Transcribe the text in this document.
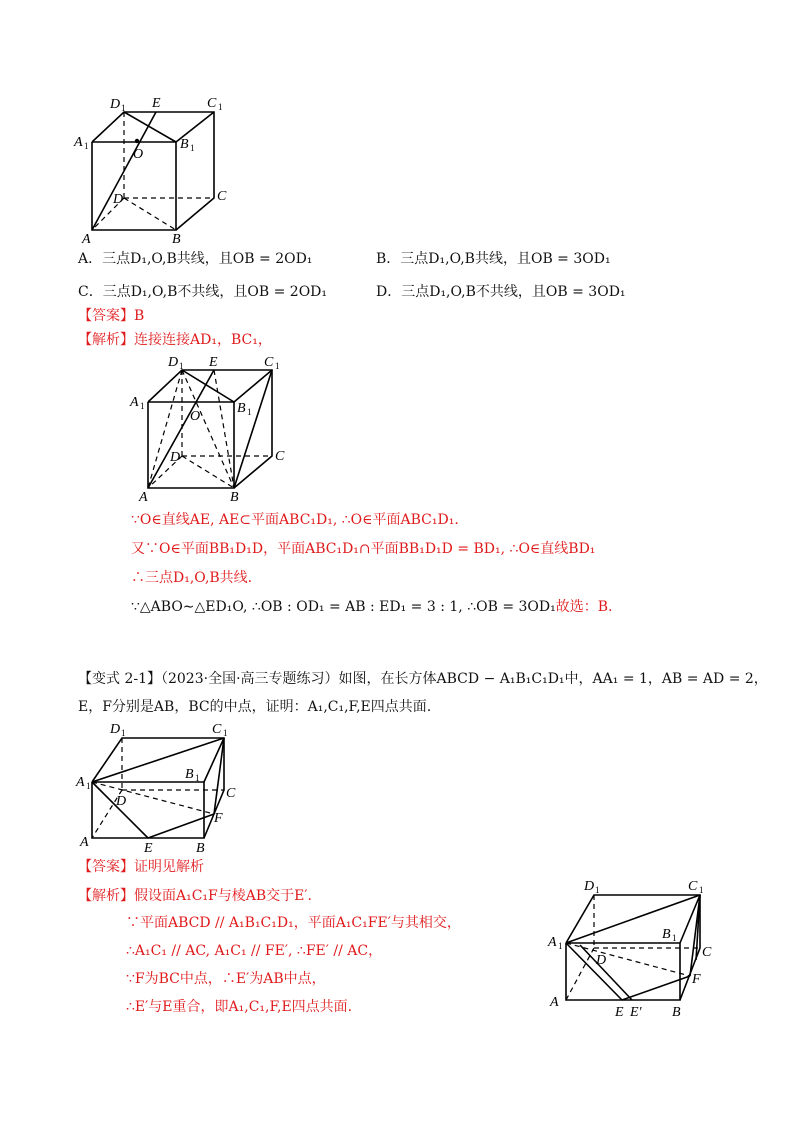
D 1 E	C 1
A 1
O
B 1
D	C
A	B
A．三点D₁,O,B共线，且OB = 2OD₁	B．三点D₁,O,B共线，且OB = 3OD₁
C．三点D₁,O,B不共线，且OB = 2OD₁	D．三点D₁,O,B不共线，且OB = 3OD₁
【答案】B
【解析】连接连接AD₁，BC₁，
D 1 E	C 1
A 1
O
B 1
D	C
A	B
∵O∈直线AE, AE⊂平面ABC₁D₁, ∴O∈平面ABC₁D₁.
又∵O∈平面BB₁D₁D，平面ABC₁D₁∩平面BB₁D₁D = BD₁, ∴O∈直线BD₁
∴三点D₁,O,B共线.
∵△ABO∼△ED₁O, ∴OB : OD₁ = AB : ED₁ = 3 : 1, ∴OB = 3OD₁故选：B.
【变式 2-1】（2023·全国·高三专题练习）如图，在长方体ABCD − A₁B₁C₁D₁中，AA₁ = 1，AB = AD = 2，
E，F分别是AB，BC的中点，证明：A₁,C₁,F,E四点共面.
D 1	C 1
A 1
B 1
D
C
F
A	E	B
【答案】证明见解析
【解析】假设面A₁C₁F与棱AB交于E′.
∵平面ABCD // A₁B₁C₁D₁，平面A₁C₁FE′与其相交，
∴A₁C₁ // AC, A₁C₁ // FE′, ∴FE′ // AC，
∵F为BC中点，∴E′为AB中点，
∴E′与E重合，即A₁,C₁,F,E四点共面.
D 1	C 1
A 1
B 1
D
C
F
A
E E' B
